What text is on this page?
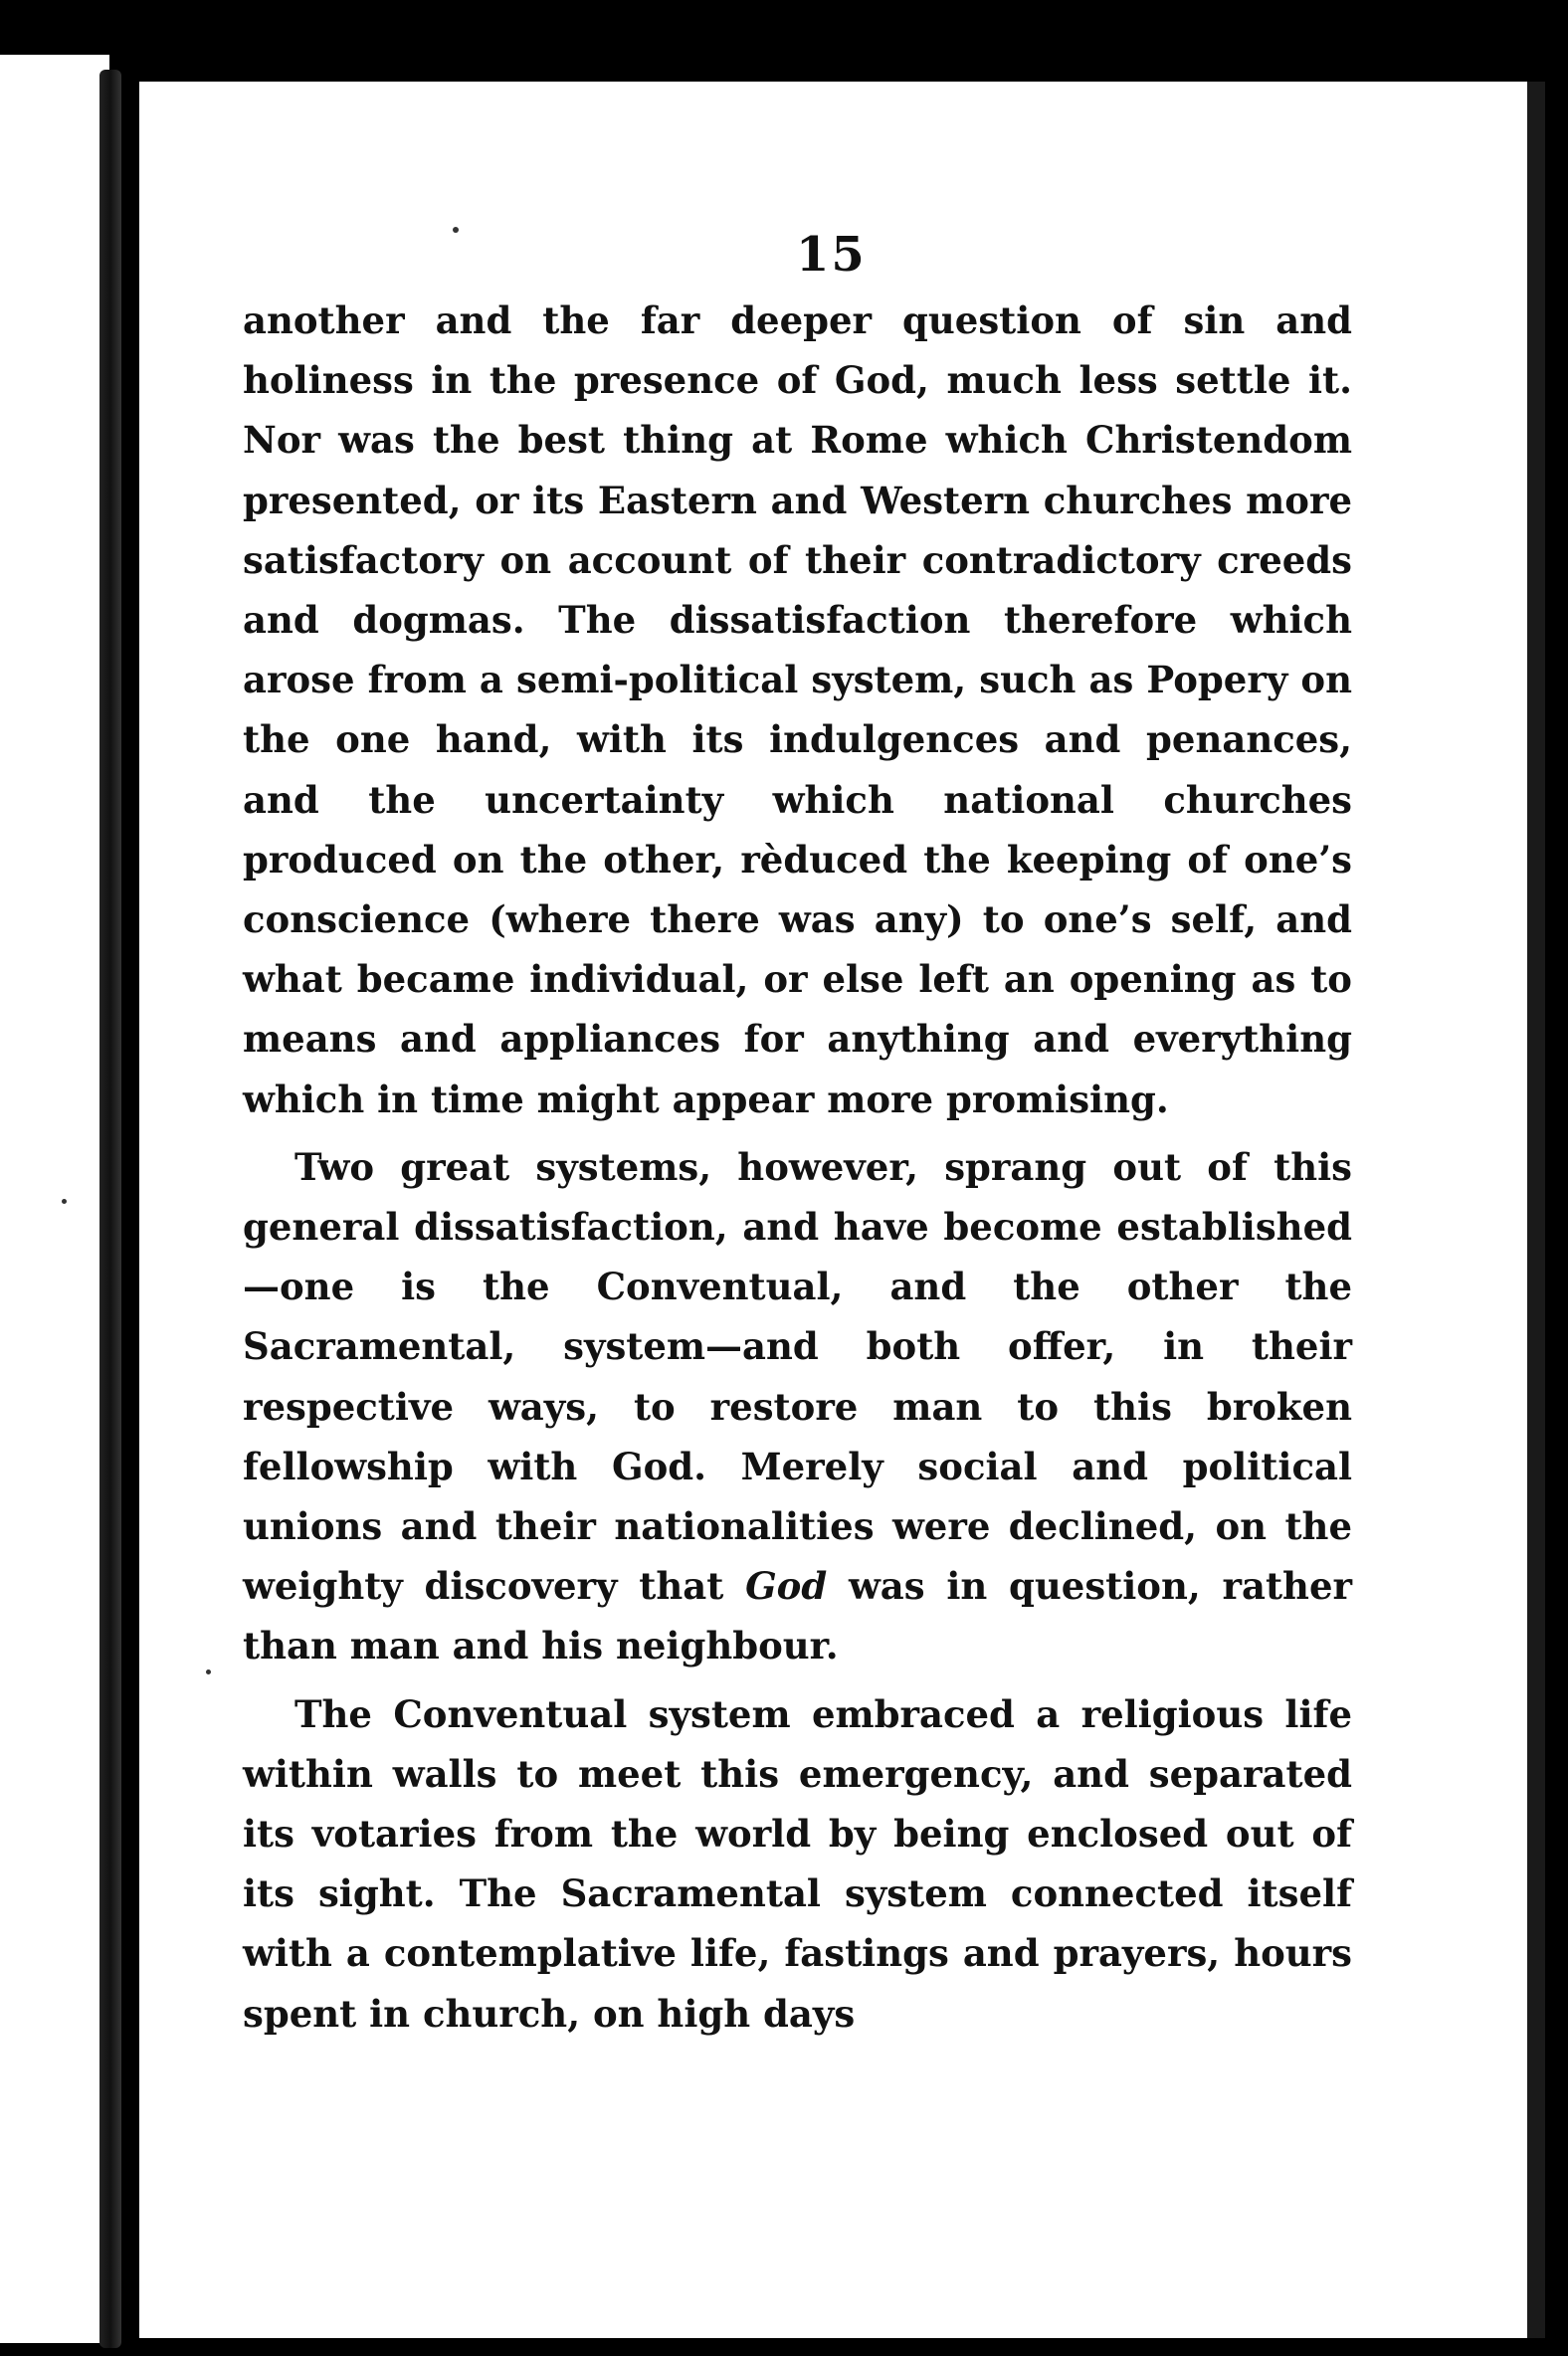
15

another and the far deeper question of sin and holiness in the presence of God, much less settle it. Nor was the best thing at Rome which Christendom presented, or its Eastern and Western churches more satisfactory on account of their contradictory creeds and dogmas. The dissatisfaction therefore which arose from a semi-political system, such as Popery on the one hand, with its indulgences and penances, and the uncertainty which national churches produced on the other, rèduced the keeping of one’s conscience (where there was any) to one’s self, and what became individual, or else left an opening as to means and appliances for anything and everything which in time might appear more promising.

Two great systems, however, sprang out of this general dissatisfaction, and have become established—one is the Conventual, and the other the Sacramental, system—and both offer, in their respective ways, to restore man to this broken fellowship with God. Merely social and political unions and their nationalities were declined, on the weighty discovery that God was in question, rather than man and his neighbour.

The Conventual system embraced a religious life within walls to meet this emergency, and separated its votaries from the world by being enclosed out of its sight. The Sacramental system connected itself with a contemplative life, fastings and prayers, hours spent in church, on high days
